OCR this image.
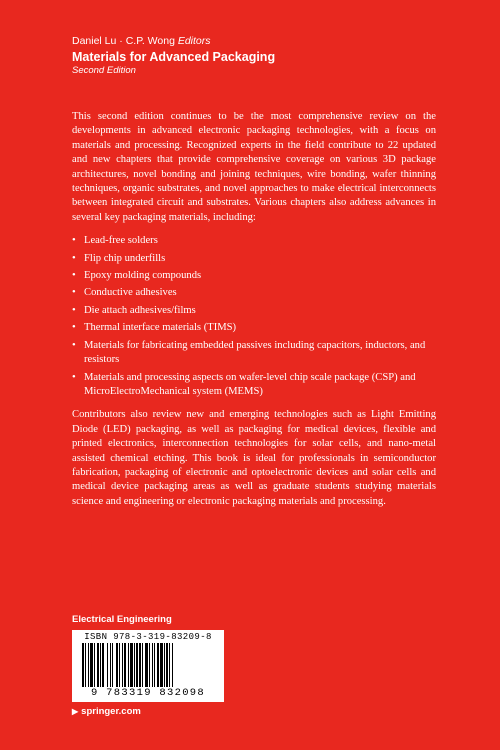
Daniel Lu · C.P. Wong Editors
Materials for Advanced Packaging
Second Edition

This second edition continues to be the most comprehensive review on the developments in advanced electronic packaging technologies, with a focus on materials and processing. Recognized experts in the field contribute to 22 updated and new chapters that provide comprehensive coverage on various 3D package architectures, novel bonding and joining techniques, wire bonding, wafer thinning techniques, organic substrates, and novel approaches to make electrical interconnects between integrated circuit and substrates. Various chapters also address advances in several key packaging materials, including:

• Lead-free solders
• Flip chip underfills
• Epoxy molding compounds
• Conductive adhesives
• Die attach adhesives/films
• Thermal interface materials (TIMS)
• Materials for fabricating embedded passives including capacitors, inductors, and resistors
• Materials and processing aspects on wafer-level chip scale package (CSP) and MicroElectroMechanical system (MEMS)

Contributors also review new and emerging technologies such as Light Emitting Diode (LED) packaging, as well as packaging for medical devices, flexible and printed electronics, interconnection technologies for solar cells, and nano-metal assisted chemical etching. This book is ideal for professionals in semiconductor fabrication, packaging of electronic and optoelectronic devices and solar cells and medical device packaging areas as well as graduate students studying materials science and engineering or electronic packaging materials and processing.

Electrical Engineering
ISBN 978-3-319-83209-8
9 783319 832098
▶ springer.com
